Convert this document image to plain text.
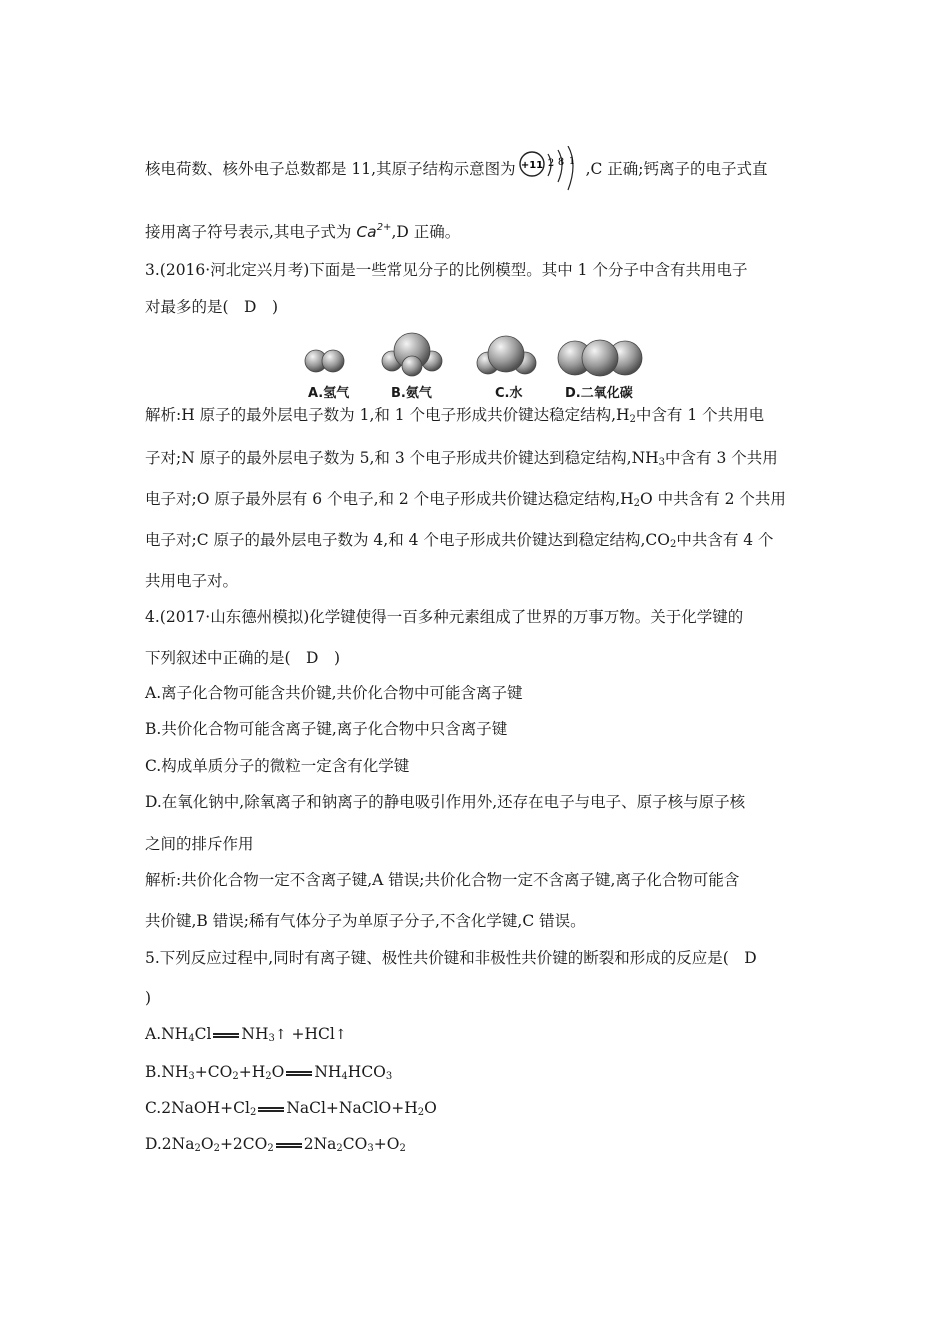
核电荷数、核外电子总数都是 11,其原子结构示意图为 +11 2 8 1 ,C 正确;钙离子的电子式直
接用离子符号表示,其电子式为 $Ca^{2+},D$ 正确。
3.(2016·河北定兴月考)下面是一些常见分子的比例模型。其中 1 个分子中含有共用电子
对最多的是(　D　)
A.氢气	B.氨气	C.水	D.二氧化碳
解析:H 原子的最外层电子数为 1,和 1 个电子形成共价键达稳定结构$,H_2$中含有 1 个共用电
子对;N 原子的最外层电子数为 5,和 3 个电子形成共价键达到稳定结构$,NH_3$中含有 3 个共用
电子对;O 原子最外层有 6 个电子,和 2 个电子形成共价键达稳定结构$,H_2O$ 中共含有 2 个共用
电子对;C 原子的最外层电子数为 4,和 4 个电子形成共价键达到稳定结构$,CO_2$中共含有 4 个
共用电子对。
4.(2017·山东德州模拟)化学键使得一百多种元素组成了世界的万事万物。关于化学键的
下列叙述中正确的是(　D　)
A.离子化合物可能含共价键,共价化合物中可能含离子键
B.共价化合物可能含离子键,离子化合物中只含离子键
C.构成单质分子的微粒一定含有化学键
D.在氧化钠中,除氧离子和钠离子的静电吸引作用外,还存在电子与电子、原子核与原子核
之间的排斥作用
解析:共价化合物一定不含离子键,A 错误;共价化合物一定不含离子键,离子化合物可能含
共价键,B 错误;稀有气体分子为单原子分子,不含化学键,C 错误。
5.下列反应过程中,同时有离子键、极性共价键和非极性共价键的断裂和形成的反应是(　D
)
$A.NH_4Cl$ $NH_3↑$ +HCl↑
$B.NH_3+CO_2+H_2O$ $NH_4HCO_3$
$C.2NaOH+Cl_2$ $NaCl+NaClO+H_2O$
$D.2Na_2O_2+2CO_2$ $2Na_2CO_3+O_2$
